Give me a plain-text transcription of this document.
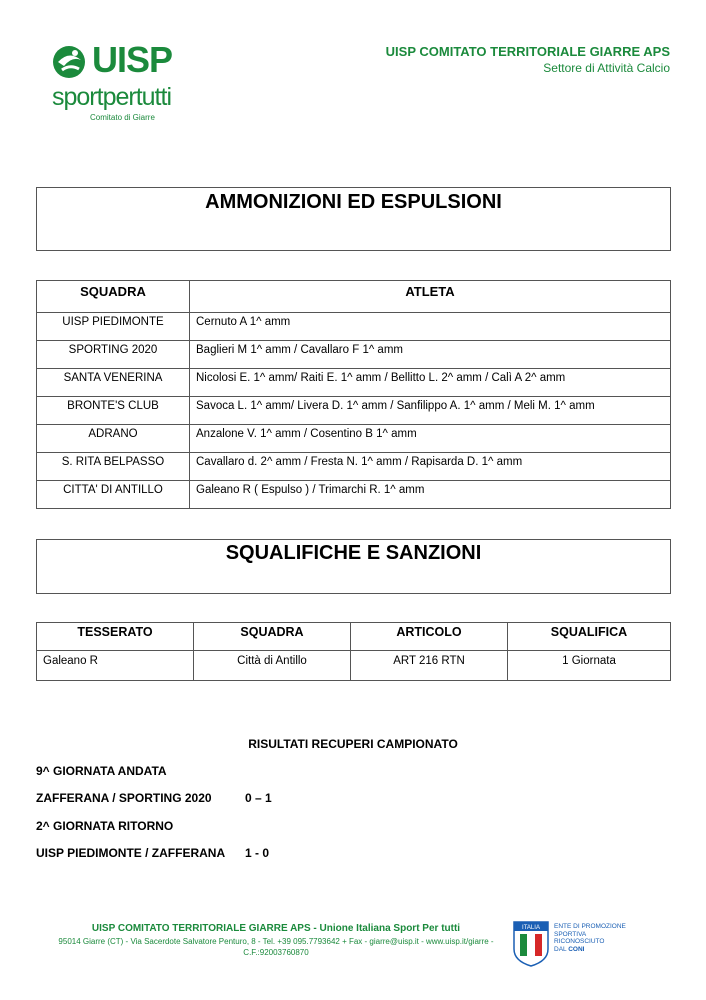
UISP
sportpertutti
Comitato di Giarre
UISP COMITATO TERRITORIALE GIARRE APS
Settore di Attività Calcio
AMMONIZIONI ED ESPULSIONI
SQUADRA	ATLETA
UISP PIEDIMONTE	Cernuto A 1^ amm
SPORTING 2020	Baglieri M 1^ amm / Cavallaro F 1^ amm
SANTA VENERINA	Nicolosi E. 1^ amm/ Raiti E. 1^ amm / Bellitto L. 2^ amm / Calì A 2^ amm
BRONTE'S CLUB	Savoca L. 1^ amm/ Livera D. 1^ amm / Sanfilippo A. 1^ amm / Meli M. 1^ amm
ADRANO	Anzalone V. 1^ amm / Cosentino B 1^ amm
S. RITA BELPASSO	Cavallaro d. 2^ amm / Fresta N. 1^ amm / Rapisarda D. 1^ amm
CITTA' DI ANTILLO	Galeano R ( Espulso ) / Trimarchi R. 1^ amm
SQUALIFICHE E SANZIONI
TESSERATO	SQUADRA	ARTICOLO	SQUALIFICA
Galeano R	Città di Antillo	ART 216 RTN	1 Giornata
RISULTATI RECUPERI CAMPIONATO
9^ GIORNATA ANDATA
ZAFFERANA / SPORTING 2020	0 – 1
2^ GIORNATA RITORNO
UISP PIEDIMONTE / ZAFFERANA 1 - 0
UISP COMITATO TERRITORIALE GIARRE APS - Unione Italiana Sport Per tutti
95014 Giarre (CT) - Via Sacerdote Salvatore Penturo, 8 - Tel. +39 095.7793642 + Fax - giarre@uisp.it - www.uisp.it/giarre -
C.F.:92003760870
ITALIA ENTE DI PROMOZIONE
SPORTIVA
RICONOSCIUTO
DAL CONI
